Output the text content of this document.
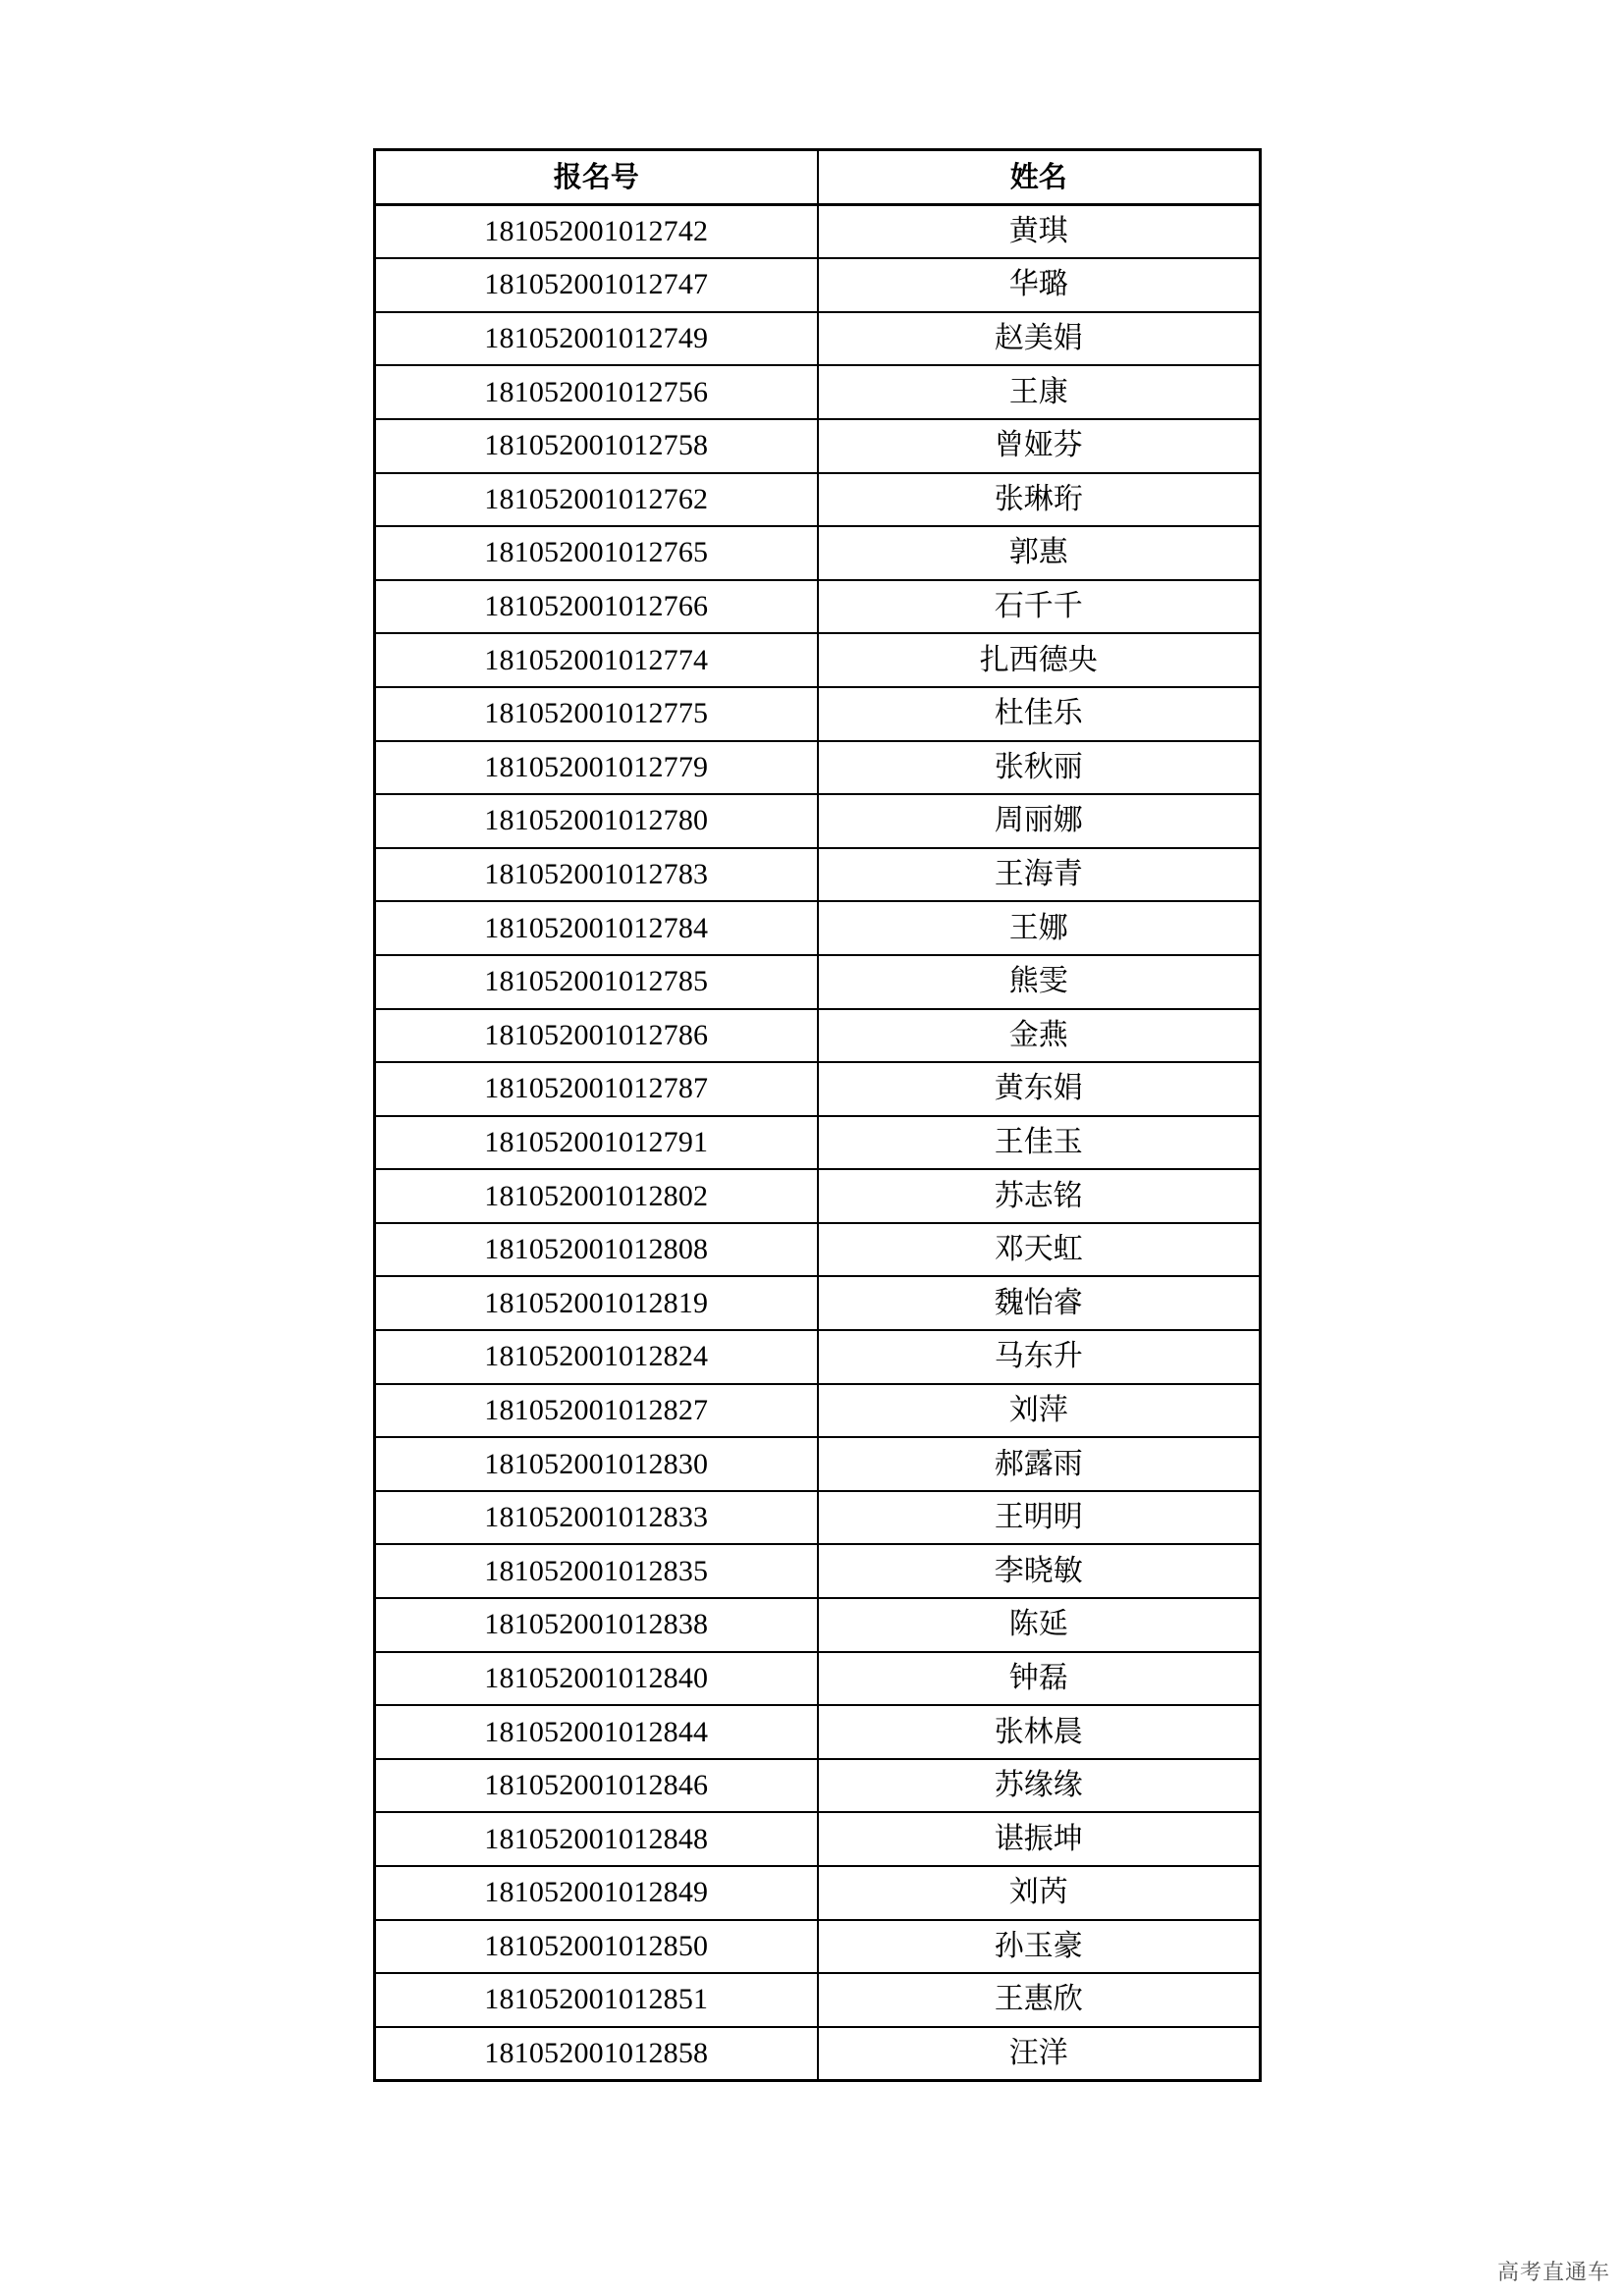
报名号	姓名
181052001012742	黄琪
181052001012747	华璐
181052001012749	赵美娟
181052001012756	王康
181052001012758	曾娅芬
181052001012762	张琳珩
181052001012765	郭惠
181052001012766	石千千
181052001012774	扎西德央
181052001012775	杜佳乐
181052001012779	张秋丽
181052001012780	周丽娜
181052001012783	王海青
181052001012784	王娜
181052001012785	熊雯
181052001012786	金燕
181052001012787	黄东娟
181052001012791	王佳玉
181052001012802	苏志铭
181052001012808	邓天虹
181052001012819	魏怡睿
181052001012824	马东升
181052001012827	刘萍
181052001012830	郝露雨
181052001012833	王明明
181052001012835	李晓敏
181052001012838	陈延
181052001012840	钟磊
181052001012844	张林晨
181052001012846	苏缘缘
181052001012848	谌振坤
181052001012849	刘芮
181052001012850	孙玉豪
181052001012851	王惠欣
181052001012858	汪洋
高考直通车
